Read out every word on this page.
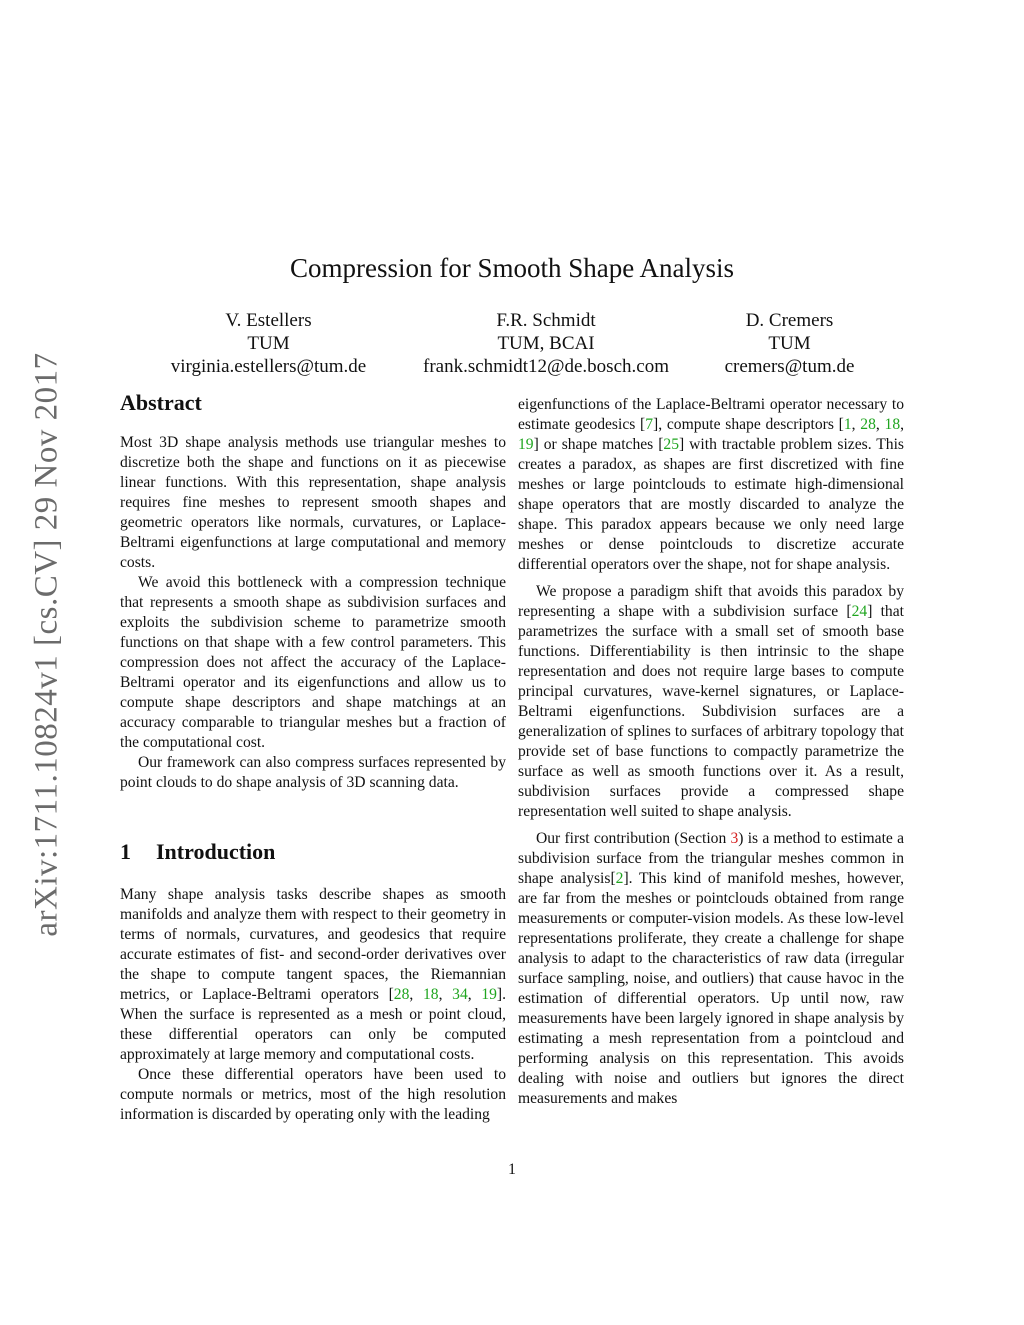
arXiv:1711.10824v1 [cs.CV] 29 Nov 2017
Compression for Smooth Shape Analysis
V. Estellers
TUM
virginia.estellers@tum.de
F.R. Schmidt
TUM, BCAI
frank.schmidt12@de.bosch.com
D. Cremers
TUM
cremers@tum.de
Abstract

Most 3D shape analysis methods use triangular meshes to discretize both the shape and functions on it as piecewise linear functions. With this representation, shape analysis requires fine meshes to represent smooth shapes and geometric operators like normals, curvatures, or Laplace-Beltrami eigenfunctions at large computational and memory costs.

We avoid this bottleneck with a compression technique that represents a smooth shape as subdivision surfaces and exploits the subdivision scheme to parametrize smooth functions on that shape with a few control parameters. This compression does not affect the accuracy of the Laplace-Beltrami operator and its eigenfunctions and allow us to compute shape descriptors and shape matchings at an accuracy comparable to triangular meshes but a fraction of the computational cost.

Our framework can also compress surfaces represented by point clouds to do shape analysis of 3D scanning data.

1	Introduction

Many shape analysis tasks describe shapes as smooth manifolds and analyze them with respect to their geometry in terms of normals, curvatures, and geodesics that require accurate estimates of fist- and second-order derivatives over the shape to compute tangent spaces, the Riemannian metrics, or Laplace-Beltrami operators [28, 18, 34, 19]. When the surface is represented as a mesh or point cloud, these differential operators can only be computed approximately at large memory and computational costs.

Once these differential operators have been used to compute normals or metrics, most of the high resolution information is discarded by operating only with the leading

eigenfunctions of the Laplace-Beltrami operator necessary to estimate geodesics [7], compute shape descriptors [1, 28, 18, 19] or shape matches [25] with tractable problem sizes. This creates a paradox, as shapes are first discretized with fine meshes or large pointclouds to estimate high-dimensional shape operators that are mostly discarded to analyze the shape. This paradox appears because we only need large meshes or dense pointclouds to discretize accurate differential operators over the shape, not for shape analysis.

We propose a paradigm shift that avoids this paradox by representing a shape with a subdivision surface [24] that parametrizes the surface with a small set of smooth base functions. Differentiability is then intrinsic to the shape representation and does not require large bases to compute principal curvatures, wave-kernel signatures, or Laplace-Beltrami eigenfunctions. Subdivision surfaces are a generalization of splines to surfaces of arbitrary topology that provide set of base functions to compactly parametrize the surface as well as smooth functions over it. As a result, subdivision surfaces provide a compressed shape representation well suited to shape analysis.

Our first contribution (Section 3) is a method to estimate a subdivision surface from the triangular meshes common in shape analysis[2]. This kind of manifold meshes, however, are far from the meshes or pointclouds obtained from range measurements or computer-vision models. As these low-level representations proliferate, they create a challenge for shape analysis to adapt to the characteristics of raw data (irregular surface sampling, noise, and outliers) that cause havoc in the estimation of differential operators. Up until now, raw measurements have been largely ignored in shape analysis by estimating a mesh representation from a pointcloud and performing analysis on this representation. This avoids dealing with noise and outliers but ignores the direct measurements and makes

1
